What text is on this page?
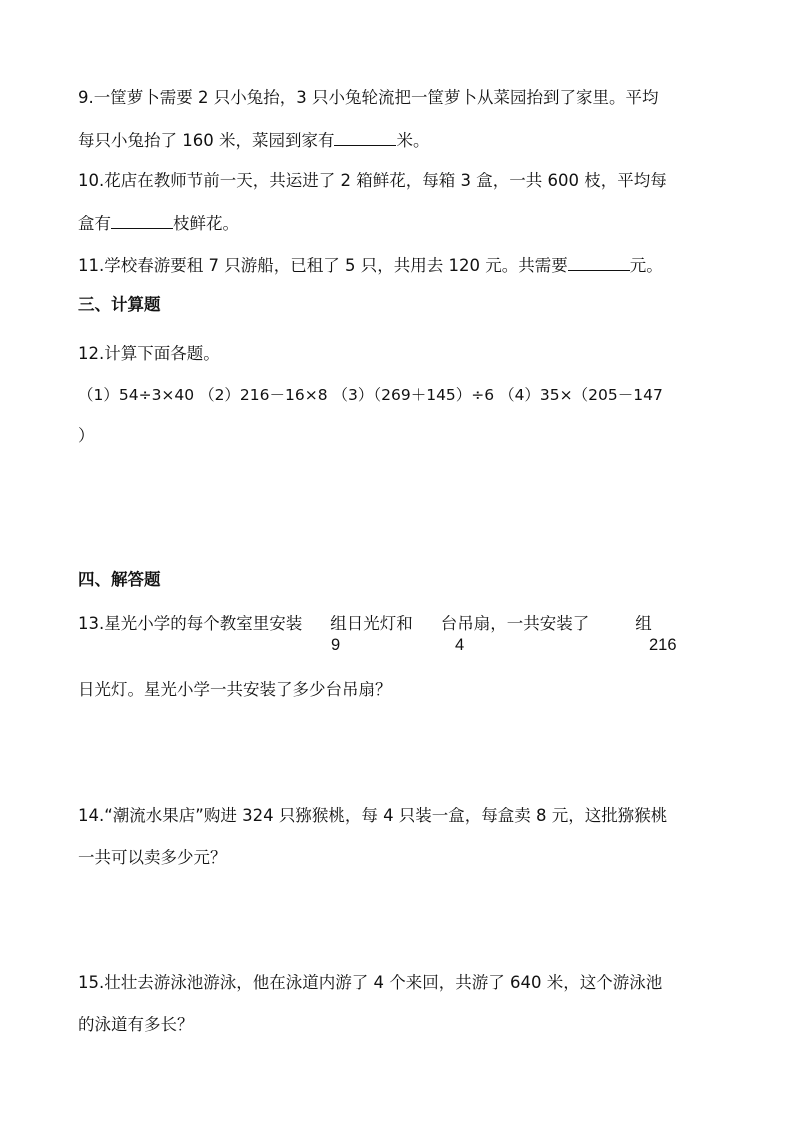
9.一筐萝卜需要 2 只小兔抬，3 只小兔轮流把一筐萝卜从菜园抬到了家里。平均
每只小兔抬了 160 米，菜园到家有	米。
10.花店在教师节前一天，共运进了 2 箱鲜花，每箱 3 盒，一共 600 枝，平均每
盒有	枝鲜花。
11.学校春游要租 7 只游船，已租了 5 只，共用去 120 元。共需要	元。
三、计算题
12.计算下面各题。
（1）54÷3×40 （2）216－16×8 （3）（269＋145）÷6 （4）35×（205－147
）
四、解答题
13.星光小学的每个教室里安装 组日光灯和 台吊扇，一共安装了	组
9	4	216
日光灯。星光小学一共安装了多少台吊扇？
14.“潮流水果店”购进 324 只猕猴桃，每 4 只装一盒，每盒卖 8 元，这批猕猴桃
一共可以卖多少元？
15.壮壮去游泳池游泳，他在泳道内游了 4 个来回，共游了 640 米，这个游泳池
的泳道有多长？
